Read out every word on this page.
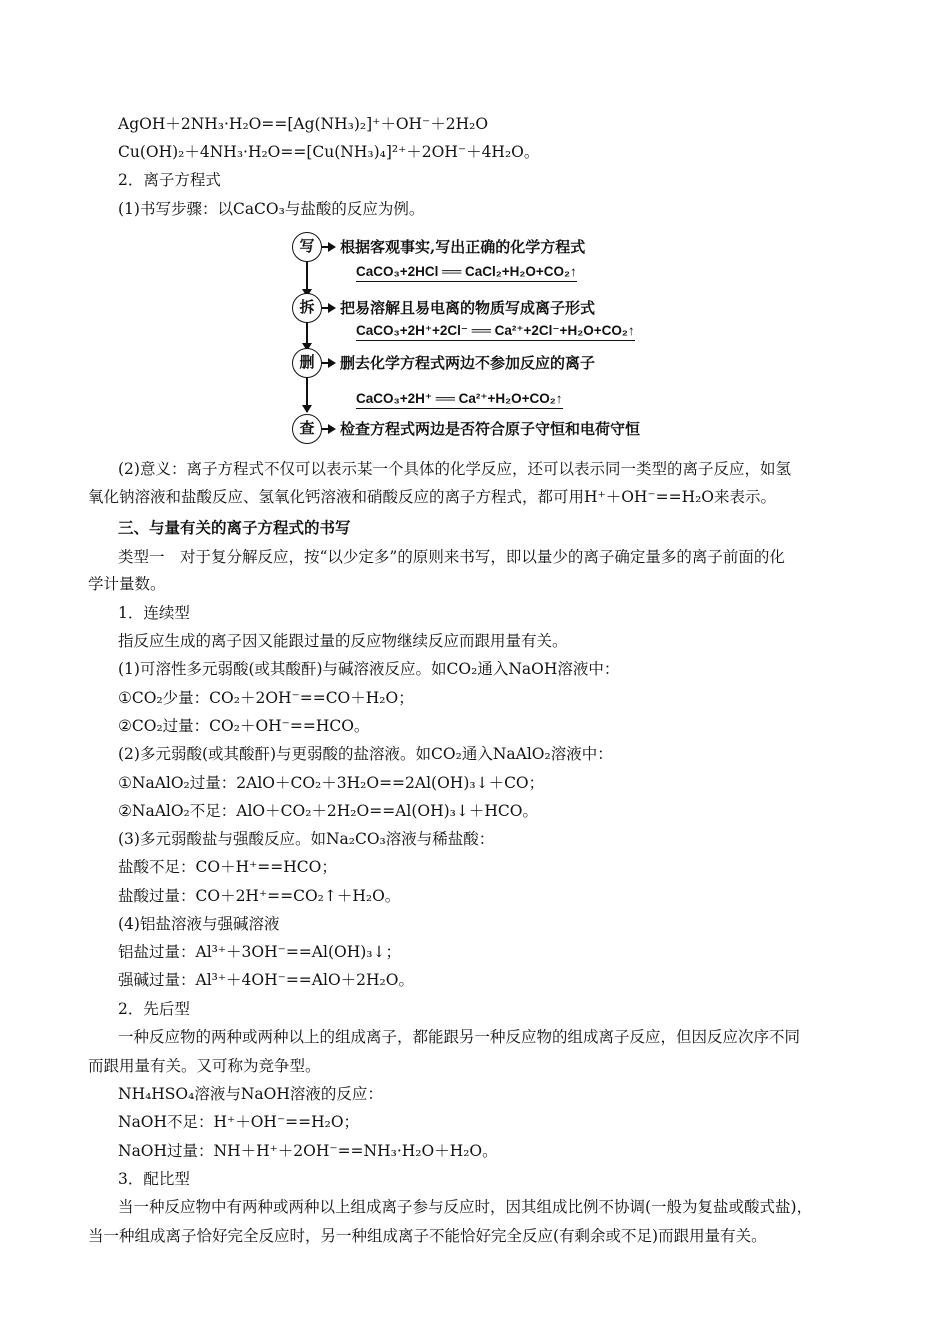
AgOH＋2NH₃·H₂O==[Ag(NH₃)₂]⁺＋OH⁻＋2H₂O
Cu(OH)₂＋4NH₃·H₂O==[Cu(NH₃)₄]²⁺＋2OH⁻＋4H₂O。
2．离子方程式
(1)书写步骤：以CaCO₃与盐酸的反应为例。
写	根据客观事实,写出正确的化学方程式
CaCO₃+2HCl ══ CaCl₂+H₂O+CO₂↑
拆	把易溶解且易电离的物质写成离子形式
CaCO₃+2H⁺+2Cl⁻ ══ Ca²⁺+2Cl⁻+H₂O+CO₂↑
删	删去化学方程式两边不参加反应的离子
CaCO₃+2H⁺ ══ Ca²⁺+H₂O+CO₂↑
查	检查方程式两边是否符合原子守恒和电荷守恒
(2)意义：离子方程式不仅可以表示某一个具体的化学反应，还可以表示同一类型的离子反应，如氢
氧化钠溶液和盐酸反应、氢氧化钙溶液和硝酸反应的离子方程式，都可用H⁺＋OH⁻==H₂O来表示。
三、与量有关的离子方程式的书写
类型一　对于复分解反应，按“以少定多”的原则来书写，即以量少的离子确定量多的离子前面的化
学计量数。
1．连续型
指反应生成的离子因又能跟过量的反应物继续反应而跟用量有关。
(1)可溶性多元弱酸(或其酸酐)与碱溶液反应。如CO₂通入NaOH溶液中：
①CO₂少量：CO₂＋2OH⁻==CO＋H₂O；
②CO₂过量：CO₂＋OH⁻==HCO。
(2)多元弱酸(或其酸酐)与更弱酸的盐溶液。如CO₂通入NaAlO₂溶液中：
①NaAlO₂过量：2AlO＋CO₂＋3H₂O==2Al(OH)₃↓＋CO；
②NaAlO₂不足：AlO＋CO₂＋2H₂O==Al(OH)₃↓＋HCO。
(3)多元弱酸盐与强酸反应。如Na₂CO₃溶液与稀盐酸：
盐酸不足：CO＋H⁺==HCO；
盐酸过量：CO＋2H⁺==CO₂↑＋H₂O。
(4)铝盐溶液与强碱溶液
铝盐过量：Al³⁺＋3OH⁻==Al(OH)₃↓；
强碱过量：Al³⁺＋4OH⁻==AlO＋2H₂O。
2．先后型
一种反应物的两种或两种以上的组成离子，都能跟另一种反应物的组成离子反应，但因反应次序不同
而跟用量有关。又可称为竞争型。
NH₄HSO₄溶液与NaOH溶液的反应：
NaOH不足：H⁺＋OH⁻==H₂O；
NaOH过量：NH＋H⁺＋2OH⁻==NH₃·H₂O＋H₂O。
3．配比型
当一种反应物中有两种或两种以上组成离子参与反应时，因其组成比例不协调(一般为复盐或酸式盐)，
当一种组成离子恰好完全反应时，另一种组成离子不能恰好完全反应(有剩余或不足)而跟用量有关。
